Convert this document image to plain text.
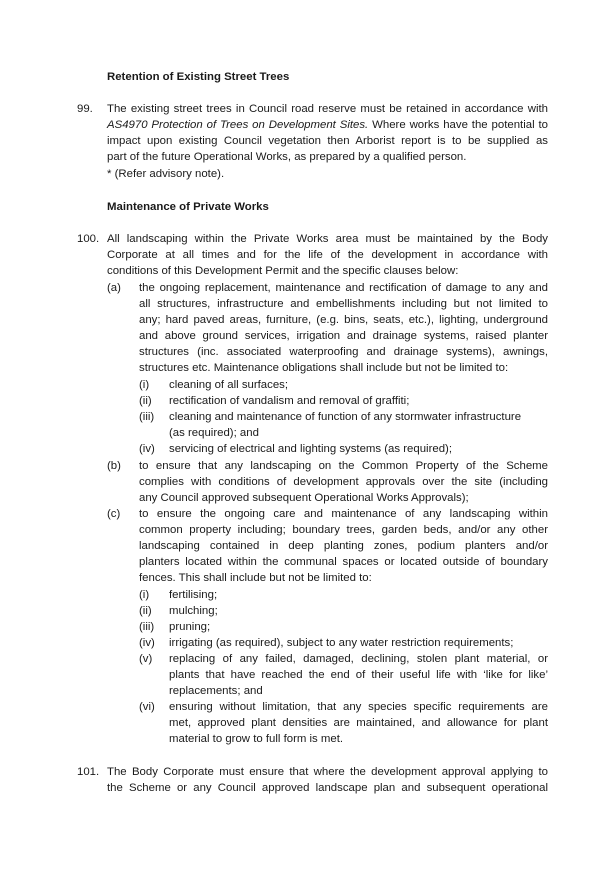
Retention of Existing Street Trees
99. The existing street trees in Council road reserve must be retained in accordance with
AS4970 Protection of Trees on Development Sites. Where works have the potential to
impact upon existing Council vegetation then Arborist report is to be supplied as
part of the future Operational Works, as prepared by a qualified person.
* (Refer advisory note).
Maintenance of Private Works
100. All landscaping within the Private Works area must be maintained by the Body
Corporate at all times and for the life of the development in accordance with
conditions of this Development Permit and the specific clauses below:
(a) the ongoing replacement, maintenance and rectification of damage to any and
all structures, infrastructure and embellishments including but not limited to
any; hard paved areas, furniture, (e.g. bins, seats, etc.), lighting, underground
and above ground services, irrigation and drainage systems, raised planter
structures (inc. associated waterproofing and drainage systems), awnings,
structures etc. Maintenance obligations shall include but not be limited to:
(i) cleaning of all surfaces;
(ii) rectification of vandalism and removal of graffiti;
(iii) cleaning and maintenance of function of any stormwater infrastructure
(as required); and
(iv) servicing of electrical and lighting systems (as required);
(b) to ensure that any landscaping on the Common Property of the Scheme
complies with conditions of development approvals over the site (including
any Council approved subsequent Operational Works Approvals);
(c) to ensure the ongoing care and maintenance of any landscaping within
common property including; boundary trees, garden beds, and/or any other
landscaping contained in deep planting zones, podium planters and/or
planters located within the communal spaces or located outside of boundary
fences. This shall include but not be limited to:
(i) fertilising;
(ii) mulching;
(iii) pruning;
(iv) irrigating (as required), subject to any water restriction requirements;
(v) replacing of any failed, damaged, declining, stolen plant material, or
plants that have reached the end of their useful life with ‘like for like’
replacements; and
(vi) ensuring without limitation, that any species specific requirements are
met, approved plant densities are maintained, and allowance for plant
material to grow to full form is met.
101. The Body Corporate must ensure that where the development approval applying to
the Scheme or any Council approved landscape plan and subsequent operational
